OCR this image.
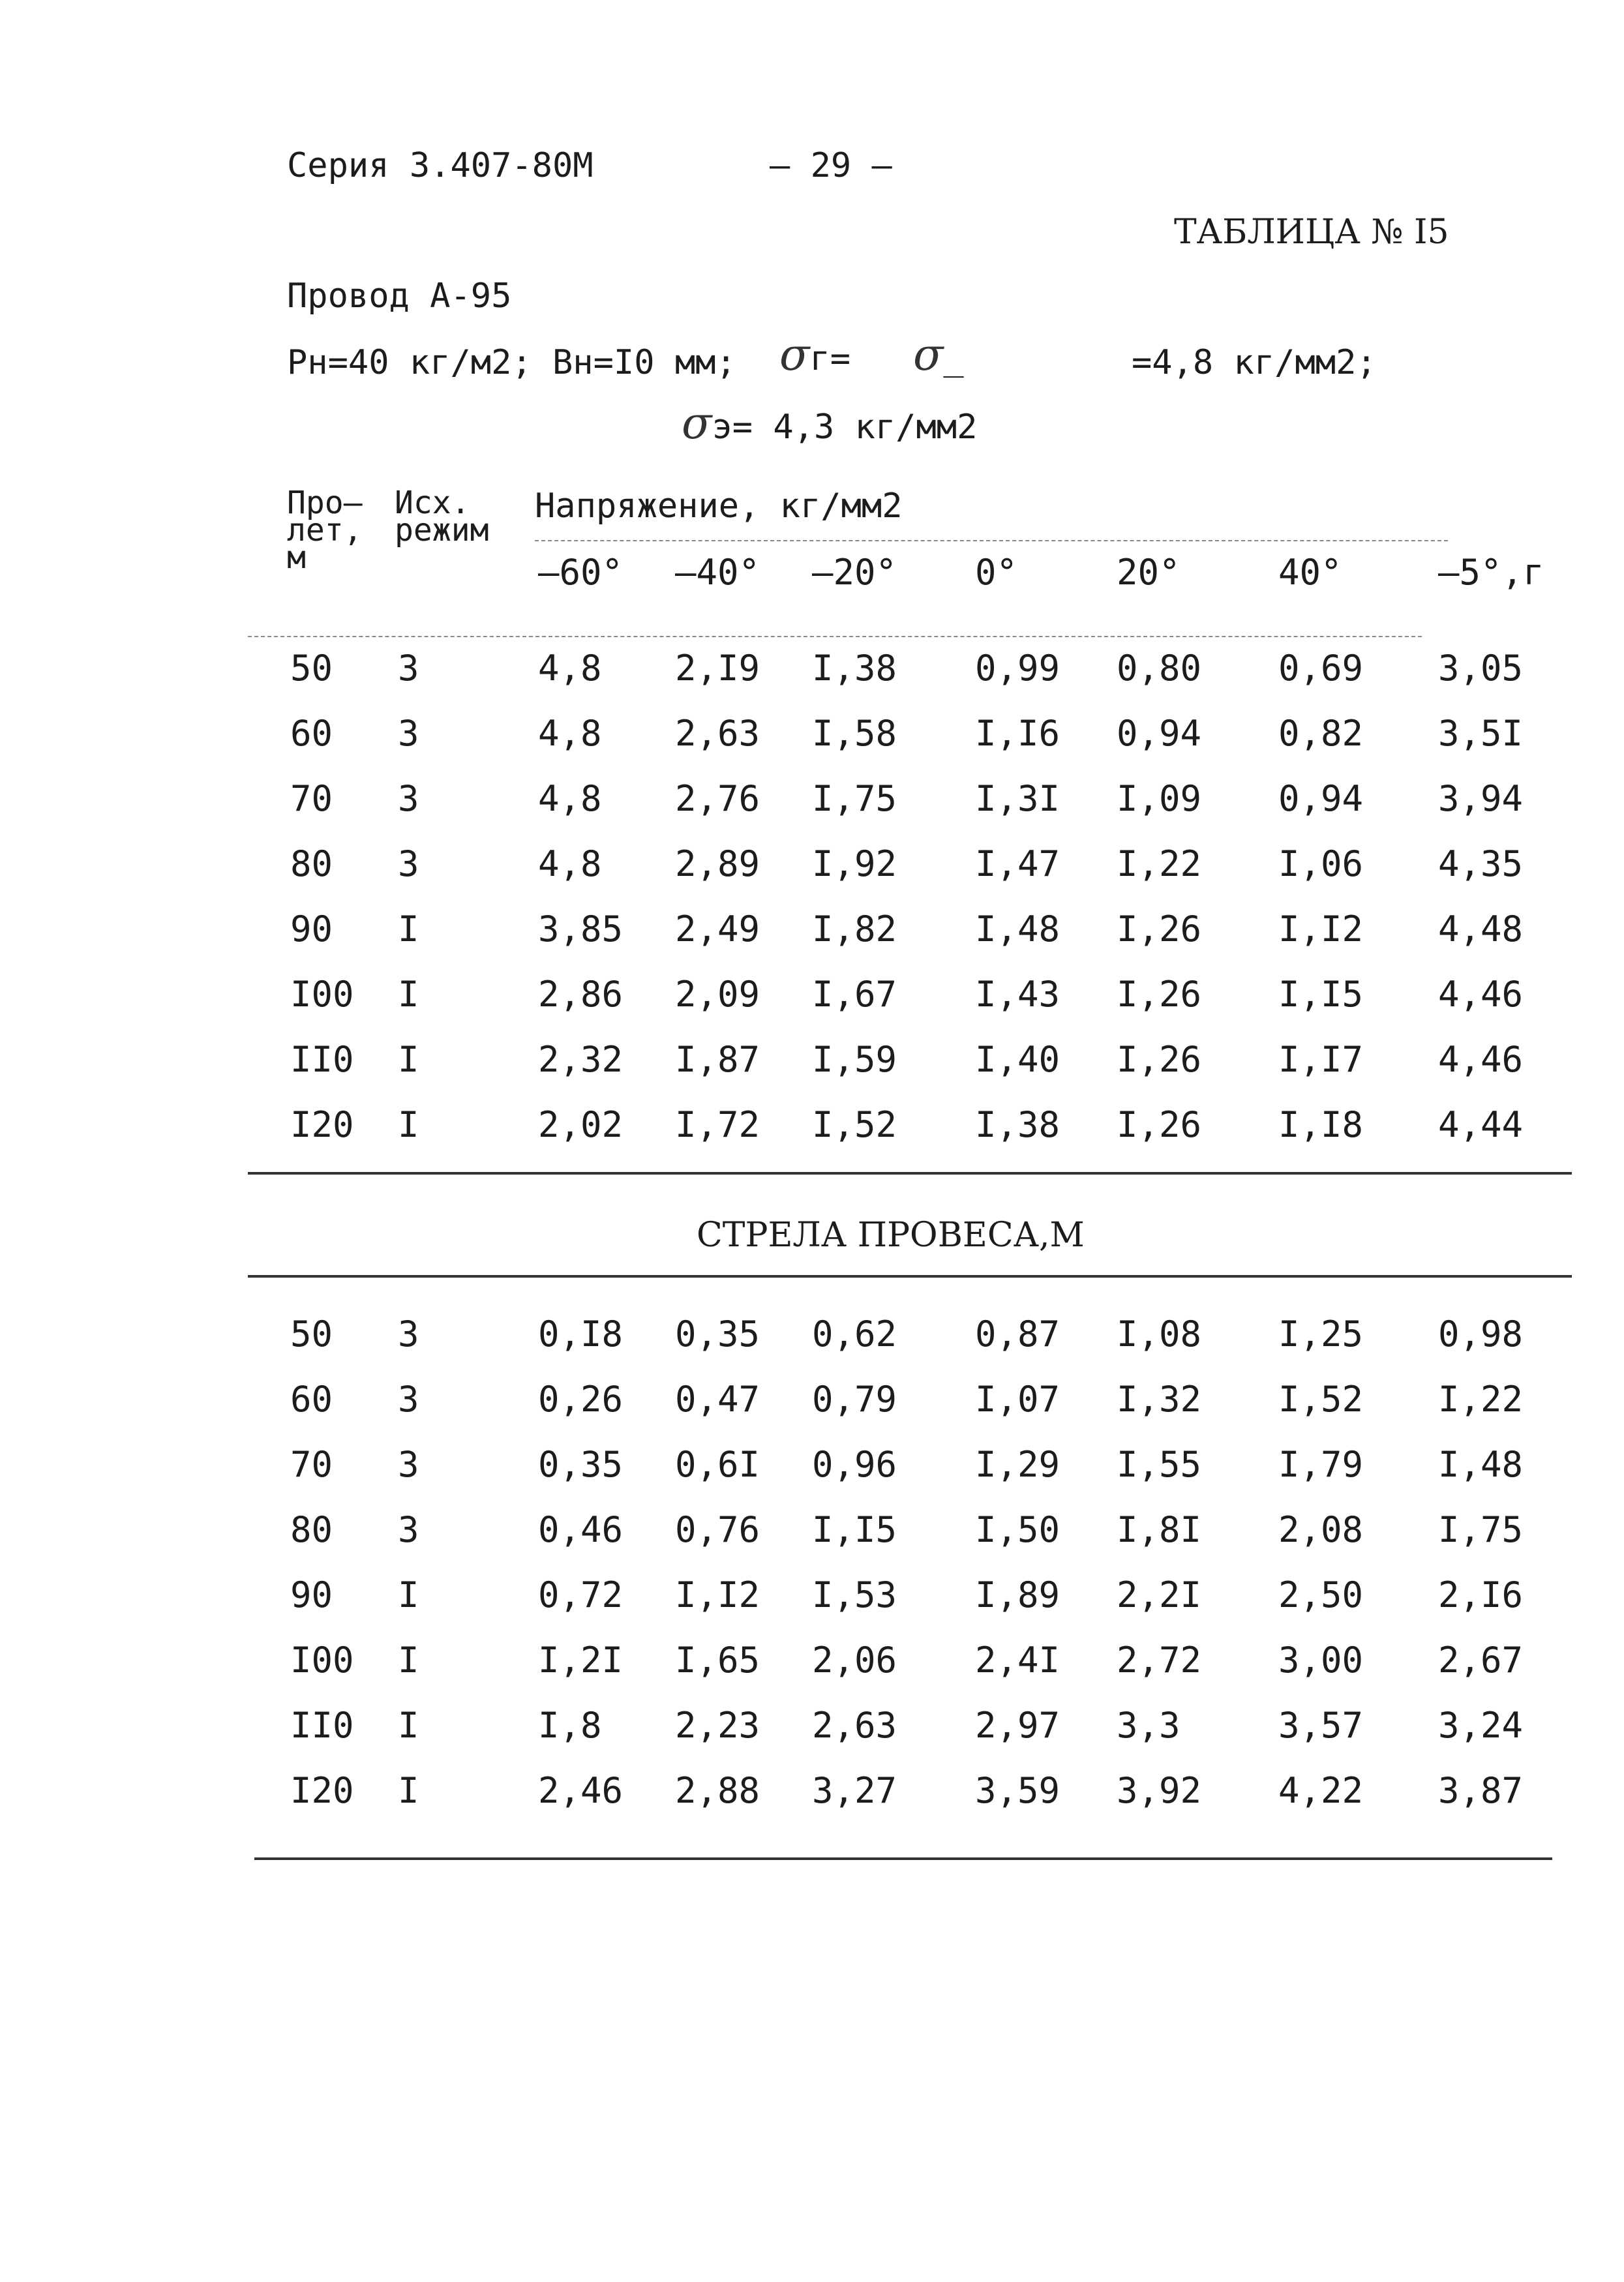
Серия 3.407-80М	– 29 –
ТАБЛИЦА № I5
Провод А-95
Рн=40 кг/м2; Вн=I0 мм; σг= σ_	=4,8 кг/мм2;
σэ= 4,3 кг/мм2
Про–
лет,
м
Исх.
режим
Напряжение, кг/мм2
–60° –40° –20° 0°	20°	40°	–5°,г
50 3	4,8 2,I9 I,38 0,99 0,80 0,69 3,05
60 3	4,8 2,63 I,58 I,I6 0,94 0,82 3,5I
70 3	4,8 2,76 I,75 I,3I I,09 0,94 3,94
80 3	4,8 2,89 I,92 I,47 I,22 I,06 4,35
90 I	3,85 2,49 I,82 I,48 I,26 I,I2 4,48
I00 I	2,86 2,09 I,67 I,43 I,26 I,I5 4,46
II0 I	2,32 I,87 I,59 I,40 I,26 I,I7 4,46
I20 I	2,02 I,72 I,52 I,38 I,26 I,I8 4,44
СТРЕЛА ПРОВЕСА,М
50 3	0,I8 0,35 0,62 0,87 I,08 I,25 0,98
60 3	0,26 0,47 0,79 I,07 I,32 I,52 I,22
70 3	0,35 0,6I 0,96 I,29 I,55 I,79 I,48
80 3	0,46 0,76 I,I5 I,50 I,8I 2,08 I,75
90 I	0,72 I,I2 I,53 I,89 2,2I 2,50 2,I6
I00 I	I,2I I,65 2,06 2,4I 2,72 3,00 2,67
II0 I	I,8 2,23 2,63 2,97 3,3	3,57 3,24
I20 I	2,46 2,88 3,27 3,59 3,92 4,22 3,87
